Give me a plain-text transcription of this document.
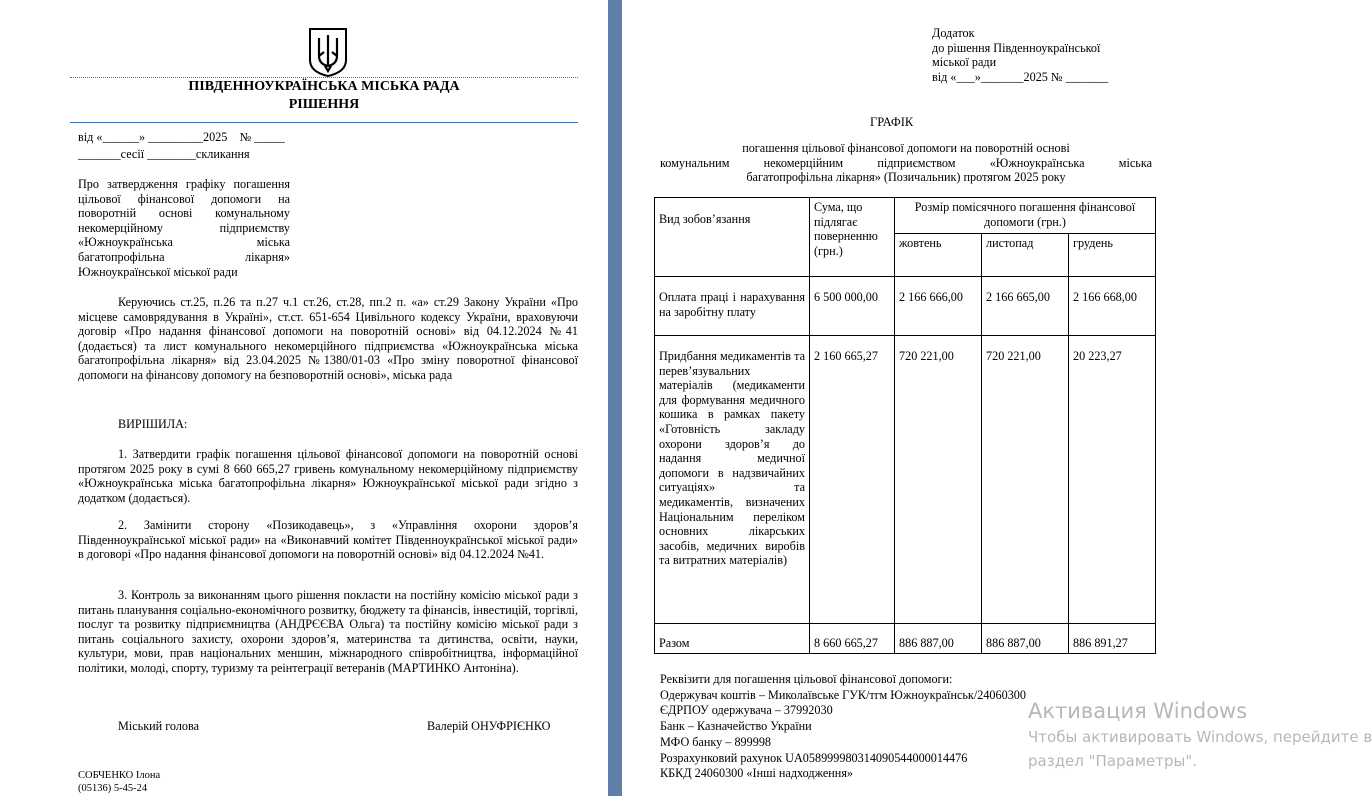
ПІВДЕННОУКРАЇНСЬКА МІСЬКА РАДА
РІШЕННЯ
від «______» _________2025    № _____
_______сесії ________скликання
Про затвердження графіку погашення цільової фінансової допомоги на поворотній основі комунальному некомерційному підприємству «Южноукраїнська міська багатопрофільна лікарня» Южноукраїнської міської ради
Керуючись ст.25, п.26 та п.27 ч.1 ст.26, ст.28, пп.2 п. «а» ст.29 Закону України «Про місцеве самоврядування в Україні», ст.ст. 651-654 Цивільного кодексу України, враховуючи договір «Про надання фінансової допомоги на поворотній основі» від 04.12.2024 №41 (додається) та лист комунального некомерційного підприємства «Южноукраїнська міська багатопрофільна лікарня» від 23.04.2025 №1380/01-03 «Про зміну поворотної фінансової допомоги на фінансову допомогу на безповоротній основі», міська рада
ВИРІШИЛА:
1. Затвердити графік погашення цільової фінансової допомоги на поворотній основі протягом 2025 року в сумі 8 660 665,27 гривень комунальному некомерційному підприємству «Южноукраїнська міська багатопрофільна лікарня» Южноукраїнської міської ради згідно з додатком (додається).
2. Замінити сторону «Позикодавець», з «Управління охорони здоров’я Південноукраїнської міської ради» на «Виконавчий комітет Південноукраїнської міської ради» в договорі «Про надання фінансової допомоги на поворотній основі» від 04.12.2024 №41.
3. Контроль за виконанням цього рішення покласти на постійну комісію міської ради з питань планування соціально-економічного розвитку, бюджету та фінансів, інвестицій, торгівлі, послуг та розвитку підприємництва (АНДРЄЄВА Ольга) та постійну комісію міської ради з питань соціального захисту, охорони здоров’я, материнства та дитинства, освіти, науки, культури, мови, прав національних меншин, міжнародного співробітництва, інформаційної політики, молоді, спорту, туризму та реінтеграції ветеранів (МАРТИНКО Антоніна).
Міський голова	Валерій ОНУФРІЄНКО
СОБЧЕНКО Ілона
(05136) 5-45-24
Додаток
до рішення Південноукраїнської
міської ради
від «___»_______2025 № _______
ГРАФІК
погашення цільової фінансової допомоги на поворотній основі
комунальним некомерційним підприємством «Южноукраїнська міська
багатопрофільна лікарня» (Позичальник) протягом 2025 року
Вид зобов’язання	Сума, що підлягає поверненню (грн.)	Розмір помісячного погашення фінансової допомоги (грн.)		
		жовтень	листопад	грудень
Оплата праці і нарахування на заробітну плату	6 500 000,00	2 166 666,00	2 166 665,00	2 166 668,00
Придбання медикаментів та перев’язувальних матеріалів (медикаменти для формування медичного кошика в рамках пакету «Готовність закладу охорони здоров’я до надання медичної допомоги в надзвичайних ситуаціях» та медикаментів, визначених Національним переліком основних лікарських засобів, медичних виробів та витратних матеріалів)	2 160 665,27	720 221,00	720 221,00	20 223,27
Разом	8 660 665,27	886 887,00	886 887,00	886 891,27
Реквізити для погашення цільової фінансової допомоги:
Одержувач коштів – Миколаївське ГУК/тгм Южноукраїнськ/24060300
ЄДРПОУ одержувача – 37992030
Банк – Казначейство України
МФО банку – 899998
Розрахунковий рахунок UA058999980314090544000014476
КБКД 24060300 «Інші надходження»
Активация Windows
Чтобы активировать Windows, перейдите в
раздел "Параметры".
